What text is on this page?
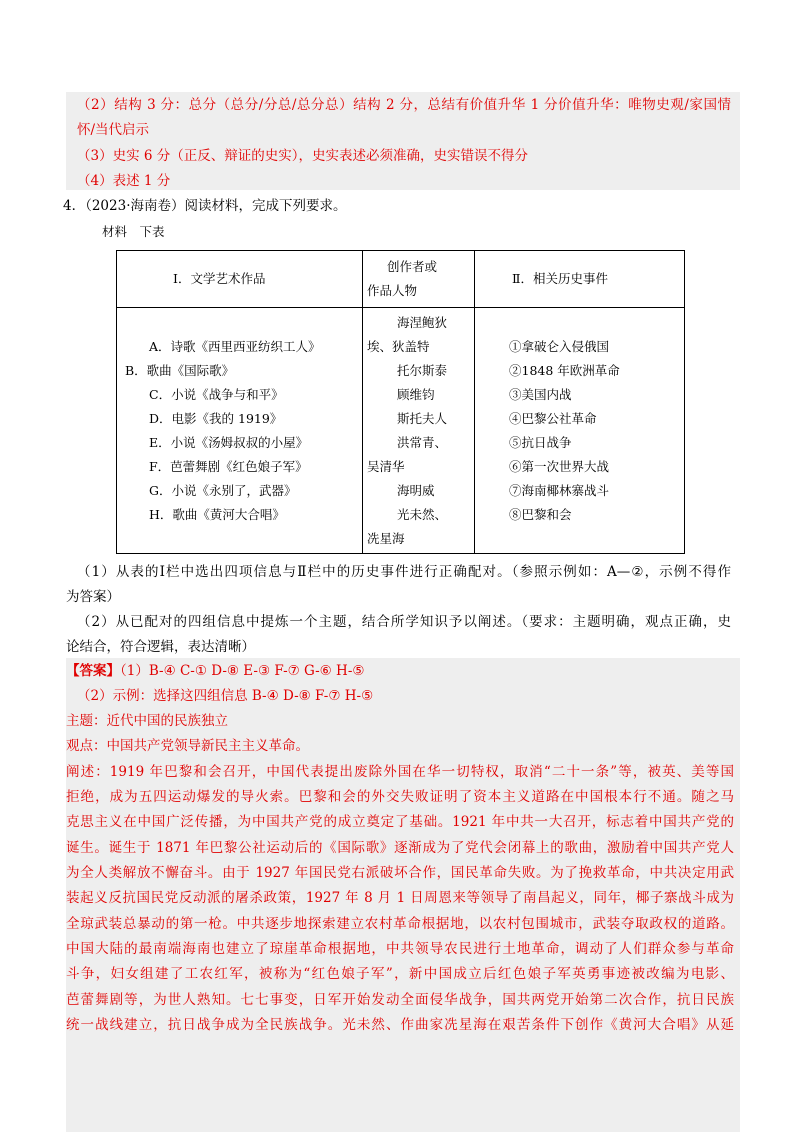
（2）结构 3 分：总分（总分/分总/总分总）结构 2 分，总结有价值升华 1 分价值升华：唯物史观/家国情
怀/当代启示
（3）史实 6 分（正反、辩证的史实），史实表述必须准确，史实错误不得分
（4）表述 1 分
4．（2023·海南卷）阅读材料，完成下列要求。
材料　下表
Ⅰ．文学艺术作品
创作者或
作品人物
Ⅱ．相关历史事件
A．诗歌《西里西亚纺织工人》
B．歌曲《国际歌》
C．小说《战争与和平》
D．电影《我的 1919》
E．小说《汤姆叔叔的小屋》
F．芭蕾舞剧《红色娘子军》
G．小说《永别了，武器》
H．歌曲《黄河大合唱》
海涅鲍狄
埃、狄盖特
托尔斯泰
顾维钧
斯托夫人
洪常青、
吴清华
海明威
光未然、
冼星海
①拿破仑入侵俄国
②1848 年欧洲革命
③美国内战
④巴黎公社革命
⑤抗日战争
⑥第一次世界大战
⑦海南椰林寨战斗
⑧巴黎和会
（1）从表的Ⅰ栏中选出四项信息与Ⅱ栏中的历史事件进行正确配对。（参照示例如：A—②，示例不得作
为答案）
（2）从已配对的四组信息中提炼一个主题，结合所学知识予以阐述。（要求：主题明确，观点正确，史
论结合，符合逻辑，表达清晰）
【答案】（1）B-④ C-① D-⑧ E-③ F-⑦ G-⑥ H-⑤
（2）示例：选择这四组信息 B-④ D-⑧ F-⑦ H-⑤
主题：近代中国的民族独立
观点：中国共产党领导新民主主义革命。
阐述：1919 年巴黎和会召开，中国代表提出废除外国在华一切特权，取消“二十一条”等，被英、美等国
拒绝，成为五四运动爆发的导火索。巴黎和会的外交失败证明了资本主义道路在中国根本行不通。随之马
克思主义在中国广泛传播，为中国共产党的成立奠定了基础。1921 年中共一大召开，标志着中国共产党的
诞生。诞生于 1871 年巴黎公社运动后的《国际歌》逐渐成为了党代会闭幕上的歌曲，激励着中国共产党人
为全人类解放不懈奋斗。由于 1927 年国民党右派破坏合作，国民革命失败。为了挽救革命，中共决定用武
装起义反抗国民党反动派的屠杀政策，1927 年 8 月 1 日周恩来等领导了南昌起义，同年，椰子寨战斗成为
全琼武装总暴动的第一枪。中共逐步地探索建立农村革命根据地，以农村包围城市，武装夺取政权的道路。
中国大陆的最南端海南也建立了琼崖革命根据地，中共领导农民进行土地革命，调动了人们群众参与革命
斗争，妇女组建了工农红军，被称为“红色娘子军”，新中国成立后红色娘子军英勇事迹被改编为电影、
芭蕾舞剧等，为世人熟知。七七事变，日军开始发动全面侵华战争，国共两党开始第二次合作，抗日民族
统一战线建立，抗日战争成为全民族战争。光未然、作曲家冼星海在艰苦条件下创作《黄河大合唱》从延
